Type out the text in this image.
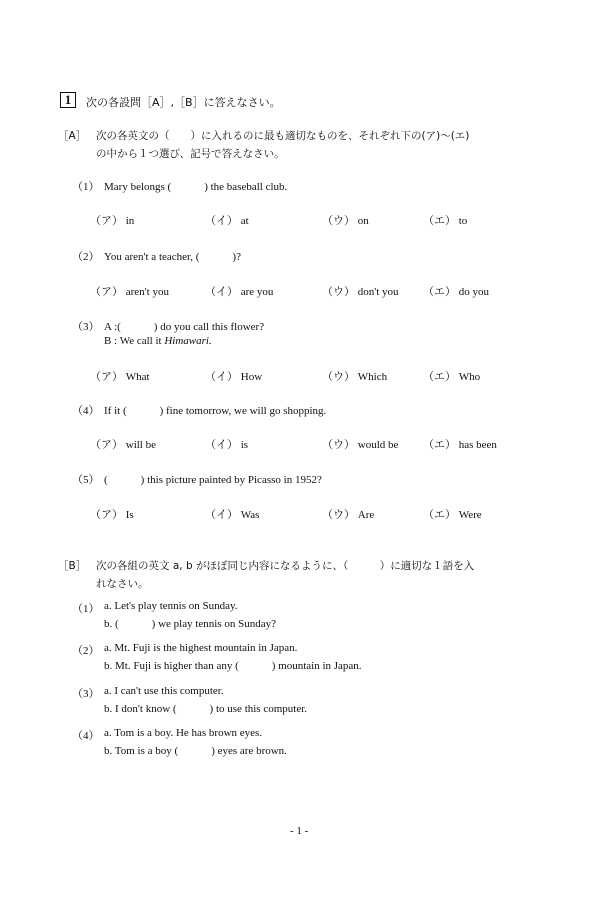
1	次の各設問［A］,［B］に答えなさい。
［A］ 次の各英文の（　　）に入れるのに最も適切なものを、それぞれ下の(ア)～(エ)
の中から１つ選び、記号で答えなさい。
（1） Mary belongs (　　　) the baseball club.
（ア） in	（イ） at	（ウ） on	（エ） to
（2） You aren't a teacher, (　　　)?
（ア） aren't you	（イ） are you	（ウ） don't you （エ） do you
（3） A :(　　　) do you call this flower?
B : We call it Himawari.
（ア） What	（イ） How	（ウ） Which	（エ） Who
（4） If it (　　　) fine tomorrow, we will go shopping.
（ア） will be	（イ） is	（ウ） would be （エ） has been
（5） (　　　) this picture painted by Picasso in 1952?
（ア） Is	（イ） Was	（ウ） Are	（エ） Were
［B］ 次の各組の英文 a, b がほぼ同じ内容になるように、（　　　）に適切な１語を入
れなさい。
（1） a. Let's play tennis on Sunday.
b. (　　　) we play tennis on Sunday?
（2） a. Mt. Fuji is the highest mountain in Japan.
b. Mt. Fuji is higher than any (　　　) mountain in Japan.
（3） a. I can't use this computer.
b. I don't know (　　　) to use this computer.
（4） a. Tom is a boy. He has brown eyes.
b. Tom is a boy (　　　) eyes are brown.
- 1 -
